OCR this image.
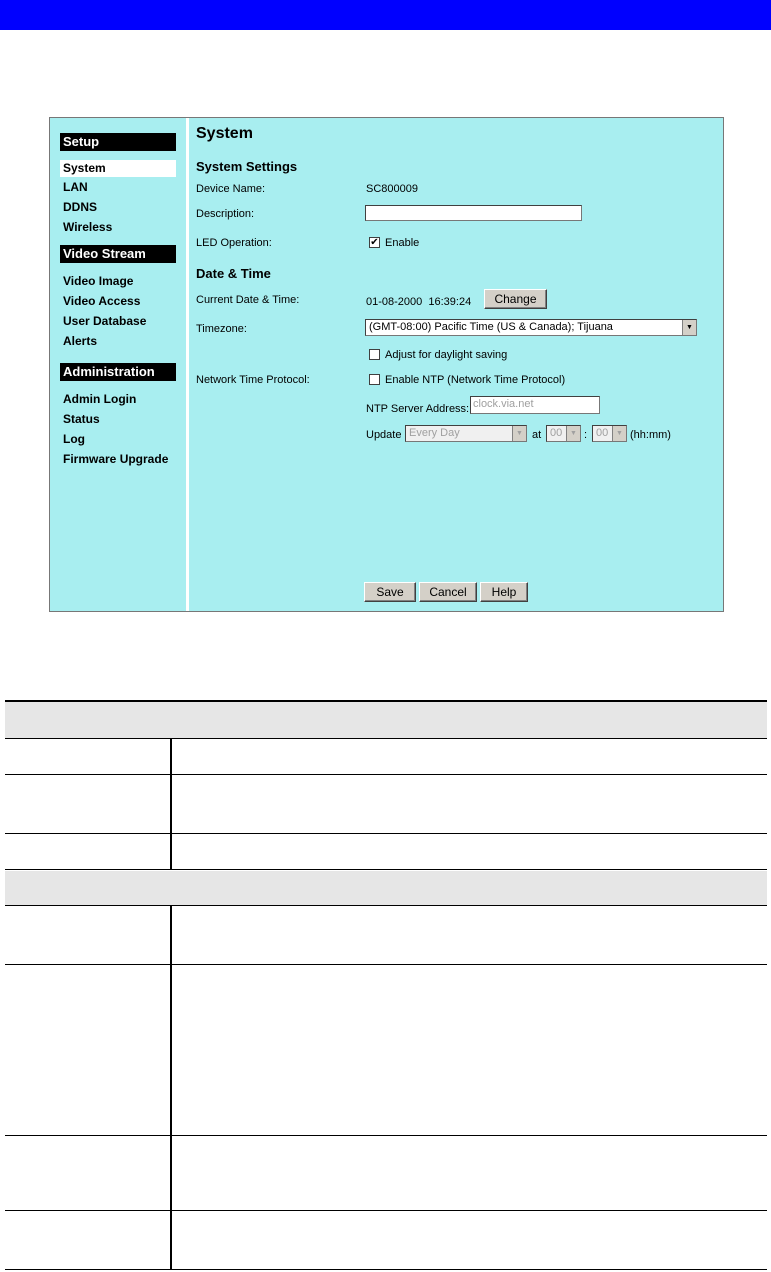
Setup
System
LAN
DDNS
Wireless
Video Stream
Video Image
Video Access
User Database
Alerts
Administration
Admin Login
Status
Log
Firmware Upgrade
System
System Settings
Device Name:	SC800009
Description:
LED Operation:	✔ Enable
Date & Time
Current Date & Time:	01-08-2000  16:39:24	Change
Timezone:	(GMT-08:00) Pacific Time (US & Canada); Tijuana	▼
Adjust for daylight saving
Network Time Protocol:	Enable NTP (Network Time Protocol)
NTP Server Address: clock.via.net
Update Every Day	▼ at 00	▼ : 00	▼ (hh:mm)
Save	Cancel	Help
